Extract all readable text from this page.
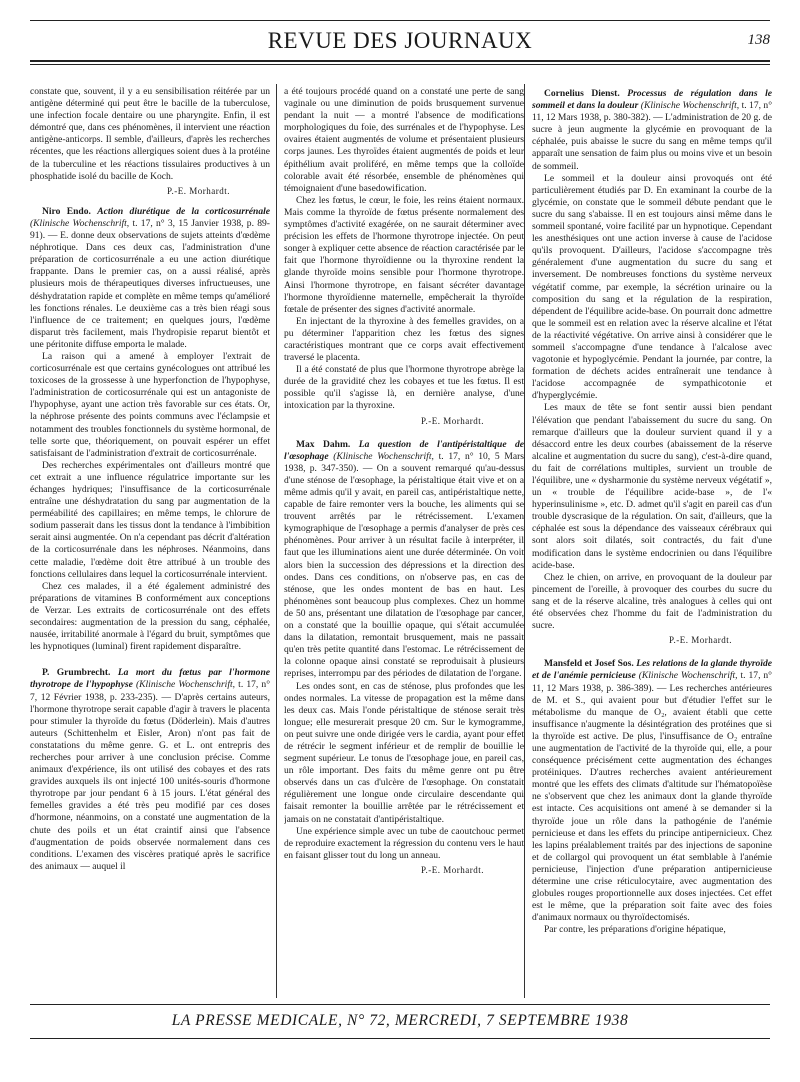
REVUE DES JOURNAUX	138

constate que, souvent, il y a eu sensibilisation réitérée par un antigène déterminé qui peut être le bacille de la tuberculose, une infection focale dentaire ou une pharyngite. Enfin, il est démontré que, dans ces phénomènes, il intervient une réaction antigène-anticorps. Il semble, d'ailleurs, d'après les recherches récentes, que les réactions allergiques soient dues à la protéine de la tuberculine et les réactions tissulaires productives à un phosphatide isolé du bacille de Koch.

P.-E. Morhardt.

Niro Endo. Action diurétique de la corticosurrénale (Klinische Wochenschrift, t. 17, n° 3, 15 Janvier 1938, p. 89-91). — E. donne deux observations de sujets atteints d'œdème néphrotique. Dans ces deux cas, l'administration d'une préparation de corticosurrénale a eu une action diurétique frappante. Dans le premier cas, on a aussi réalisé, après plusieurs mois de thérapeutiques diverses infructueuses, une déshydratation rapide et complète en même temps qu'amélioré les fonctions rénales. Le deuxième cas a très bien réagi sous l'influence de ce traitement; en quelques jours, l'œdème disparut très facilement, mais l'hydropisie reparut bientôt et une péritonite diffuse emporta le malade.

La raison qui a amené à employer l'extrait de corticosurrénale est que certains gynécologues ont attribué les toxicoses de la grossesse à une hyperfonction de l'hypophyse, l'administration de corticosurrénale qui est un antagoniste de l'hypophyse, ayant une action très favorable sur ces états. Or, la néphrose présente des points communs avec l'éclampsie et notamment des troubles fonctionnels du système hormonal, de telle sorte que, théoriquement, on pouvait espérer un effet satisfaisant de l'administration d'extrait de corticosurrénale.

Des recherches expérimentales ont d'ailleurs montré que cet extrait a une influence régulatrice importante sur les échanges hydriques; l'insuffisance de la corticosurrénale entraîne une déshydratation du sang par augmentation de la perméabilité des capillaires; en même temps, le chlorure de sodium passerait dans les tissus dont la tendance à l'imbibition serait ainsi augmentée. On n'a cependant pas décrit d'altération de la corticosurrénale dans les néphroses. Néanmoins, dans cette maladie, l'œdème doit être attribué à un trouble des fonctions cellulaires dans lequel la corticosurrénale intervient.

Chez ces malades, il a été également administré des préparations de vitamines B conformément aux conceptions de Verzar. Les extraits de corticosurrénale ont des effets secondaires: augmentation de la pression du sang, céphalée, nausée, irritabilité anormale à l'égard du bruit, symptômes que les hypnotiques (luminal) firent rapidement disparaître.

P. Grumbrecht. La mort du fœtus par l'hormone thyrotrope de l'hypophyse (Klinische Wochenschrift, t. 17, n° 7, 12 Février 1938, p. 233-235). — D'après certains auteurs, l'hormone thyrotrope serait capable d'agir à travers le placenta pour stimuler la thyroïde du fœtus (Döderlein). Mais d'autres auteurs (Schittenhelm et Eisler, Aron) n'ont pas fait de constatations du même genre. G. et L. ont entrepris des recherches pour arriver à une conclusion précise. Comme animaux d'expérience, ils ont utilisé des cobayes et des rats gravides auxquels ils ont injecté 100 unités-souris d'hormone thyrotrope par jour pendant 6 à 15 jours. L'état général des femelles gravides a été très peu modifié par ces doses d'hormone, néanmoins, on a constaté une augmentation de la chute des poils et un état craintif ainsi que l'absence d'augmentation de poids observée normalement dans ces conditions. L'examen des viscères pratiqué après le sacrifice des animaux — auquel il

a été toujours procédé quand on a constaté une perte de sang vaginale ou une diminution de poids brusquement survenue pendant la nuit — a montré l'absence de modifications morphologiques du foie, des surrénales et de l'hypophyse. Les ovaires étaient augmentés de volume et présentaient plusieurs corps jaunes. Les thyroïdes étaient augmentés de poids et leur épithélium avait proliféré, en même temps que la colloïde colorable avait été résorbée, ensemble de phénomènes qui témoignaient d'une basedowification.

Chez les fœtus, le cœur, le foie, les reins étaient normaux. Mais comme la thyroïde de fœtus présente normalement des symptômes d'activité exagérée, on ne saurait déterminer avec précision les effets de l'hormone thyrotrope injectée. On peut songer à expliquer cette absence de réaction caractérisée par le fait que l'hormone thyroïdienne ou la thyroxine rendent la glande thyroïde moins sensible pour l'hormone thyrotrope. Ainsi l'hormone thyrotrope, en faisant sécréter davantage l'hormone thyroïdienne maternelle, empêcherait la thyroïde fœtale de présenter des signes d'activité anormale.

En injectant de la thyroxine à des femelles gravides, on a pu déterminer l'apparition chez les fœtus des signes caractéristiques montrant que ce corps avait effectivement traversé le placenta.

Il a été constaté de plus que l'hormone thyrotrope abrège la durée de la gravidité chez les cobayes et tue les fœtus. Il est possible qu'il s'agisse là, en dernière analyse, d'une intoxication par la thyroxine.

P.-E. Morhardt.

Max Dahm. La question de l'antipéristaltique de l'œsophage (Klinische Wochenschrift, t. 17, n° 10, 5 Mars 1938, p. 347-350). — On a souvent remarqué qu'au-dessus d'une sténose de l'œsophage, la péristaltique était vive et on a même admis qu'il y avait, en pareil cas, antipéristaltique nette, capable de faire remonter vers la bouche, les aliments qui se trouvent arrêtés par le rétrécissement. L'examen kymographique de l'œsophage a permis d'analyser de près ces phénomènes. Pour arriver à un résultat facile à interpréter, il faut que les illuminations aient une durée déterminée. On voit alors bien la succession des dépressions et la direction des ondes. Dans ces conditions, on n'observe pas, en cas de sténose, que les ondes montent de bas en haut. Les phénomènes sont beaucoup plus complexes. Chez un homme de 50 ans, présentant une dilatation de l'œsophage par cancer, on a constaté que la bouillie opaque, qui s'était accumulée dans la dilatation, remontait brusquement, mais ne passait qu'en très petite quantité dans l'estomac. Le rétrécissement de la colonne opaque ainsi constaté se reproduisait à plusieurs reprises, interrompu par des périodes de dilatation de l'organe.

Les ondes sont, en cas de sténose, plus profondes que les ondes normales. La vitesse de propagation est la même dans les deux cas. Mais l'onde péristaltique de sténose serait très longue; elle mesurerait presque 20 cm. Sur le kymogramme, on peut suivre une onde dirigée vers le cardia, ayant pour effet de rétrécir le segment inférieur et de remplir de bouillie le segment supérieur. Le tonus de l'œsophage joue, en pareil cas, un rôle important. Des faits du même genre ont pu être observés dans un cas d'ulcère de l'œsophage. On constatait régulièrement une longue onde circulaire descendante qui faisait remonter la bouillie arrêtée par le rétrécissement et jamais on ne constatait d'antipéristaltique.

Une expérience simple avec un tube de caoutchouc permet de reproduire exactement la régression du contenu vers le haut en faisant glisser tout du long un anneau.

P.-E. Morhardt.

Cornelius Dienst. Processus de régulation dans le sommeil et dans la douleur (Klinische Wochenschrift, t. 17, n° 11, 12 Mars 1938, p. 380-382). — L'administration de 20 g. de sucre à jeun augmente la glycémie en provoquant de la céphalée, puis abaisse le sucre du sang en même temps qu'il apparaît une sensation de faim plus ou moins vive et un besoin de sommeil.

Le sommeil et la douleur ainsi provoqués ont été particulièrement étudiés par D. En examinant la courbe de la glycémie, on constate que le sommeil débute pendant que le sucre du sang s'abaisse. Il en est toujours ainsi même dans le sommeil spontané, voire facilité par un hypnotique. Cependant les anesthésiques ont une action inverse à cause de l'acidose qu'ils provoquent. D'ailleurs, l'acidose s'accompagne très généralement d'une augmentation du sucre du sang et inversement. De nombreuses fonctions du système nerveux végétatif comme, par exemple, la sécrétion urinaire ou la composition du sang et la régulation de la respiration, dépendent de l'équilibre acide-base. On pourrait donc admettre que le sommeil est en relation avec la réserve alcaline et l'état de la réactivité végétative. On arrive ainsi à considérer que le sommeil s'accompagne d'une tendance à l'alcalose avec vagotonie et hypoglycémie. Pendant la journée, par contre, la formation de déchets acides entraînerait une tendance à l'acidose accompagnée de sympathicotonie et d'hyperglycémie.

Les maux de tête se font sentir aussi bien pendant l'élévation que pendant l'abaissement du sucre du sang. On remarque d'ailleurs que la douleur survient quand il y a désaccord entre les deux courbes (abaissement de la réserve alcaline et augmentation du sucre du sang), c'est-à-dire quand, du fait de corrélations multiples, survient un trouble de l'équilibre, une « dysharmonie du système nerveux végétatif », un « trouble de l'équilibre acide-base », de l'« hyperinsulinisme », etc. D. admet qu'il s'agit en pareil cas d'un trouble dyscrasique de la régulation. On sait, d'ailleurs, que la céphalée est sous la dépendance des vaisseaux cérébraux qui sont alors soit dilatés, soit contractés, du fait d'une modification dans le système endocrinien ou dans l'équilibre acide-base.

Chez le chien, on arrive, en provoquant de la douleur par pincement de l'oreille, à provoquer des courbes du sucre du sang et de la réserve alcaline, très analogues à celles qui ont été observées chez l'homme du fait de l'administration du sucre.

P.-E. Morhardt.

Mansfeld et Josef Sos. Les relations de la glande thyroïde et de l'anémie pernicieuse (Klinische Wochenschrift, t. 17, n° 11, 12 Mars 1938, p. 386-389). — Les recherches antérieures de M. et S., qui avaient pour but d'étudier l'effet sur le métabolisme du manque de O₂, avaient établi que cette insuffisance n'augmente la désintégration des protéines que si la thyroïde est active. De plus, l'insuffisance de O₂ entraîne une augmentation de l'activité de la thyroïde qui, elle, a pour conséquence précisément cette augmentation des échanges protéiniques. D'autres recherches avaient antérieurement montré que les effets des climats d'altitude sur l'hématopoïèse ne s'observent que chez les animaux dont la glande thyroïde est intacte. Ces acquisitions ont amené à se demander si la thyroïde joue un rôle dans la pathogénie de l'anémie pernicieuse et dans les effets du principe antipernicieux. Chez les lapins préalablement traités par des injections de saponine et de collargol qui provoquent un état semblable à l'anémie pernicieuse, l'injection d'une préparation antipernicieuse détermine une crise réticulocytaire, avec augmentation des globules rouges proportionnelle aux doses injectées. Cet effet est le même, que la préparation soit faite avec des foies d'animaux normaux ou thyroïdectomisés.

Par contre, les préparations d'origine hépatique,

LA PRESSE MEDICALE, N° 72, MERCREDI, 7 SEPTEMBRE 1938
